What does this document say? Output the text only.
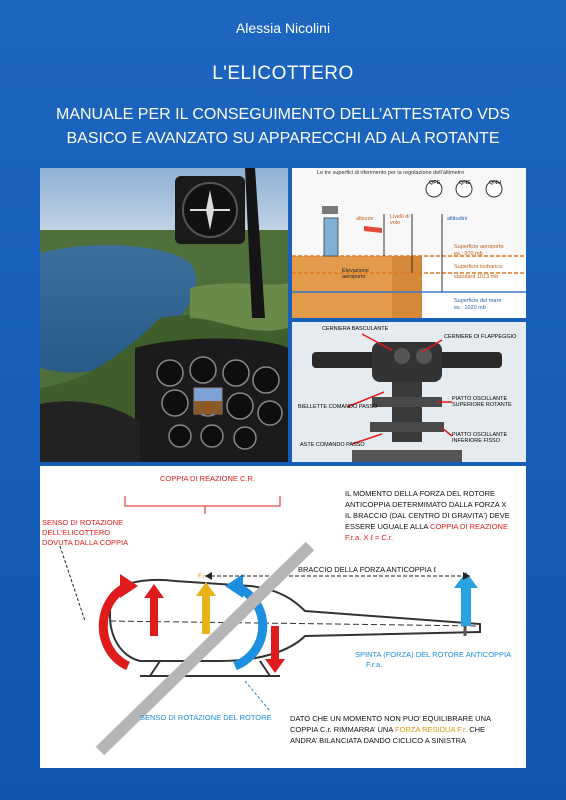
Alessia Nicolini
L'ELICOTTERO
MANUALE PER IL CONSEGUIMENTO DELL’ATTESTATO VDS
BASICO E AVANZATO SU APPARECCHI AD ALA ROTANTE
Le tre superfici di riferimento per la regolazione dell’altimetro
QFE	QNE	QNH
altezze	Livelli di volo
altitudini
Superficie aeroporto
es.: 970 mb
Superficie isobarica
standard 1013 mb
Elevazione aeroporto
Superficie del mare
es.: 1020 mb
CERNIERA BASCULANTE
CERNIERE DI FLAPPEGGIO
BIELLETTE COMANDO PASSO
PIATTO OSCILLANTE SUPERIORE ROTANTE
ASTE COMANDO PASSO
PIATTO OSCILLANTE INFERIORE FISSO
COPPIA DI REAZIONE C.R.
SENSO DI ROTAZIONE
DELL'ELICOTTERO
DOVUTA DALLA COPPIA
IL MOMENTO DELLA FORZA DEL ROTORE
ANTICOPPIA DETERMIMATO DALLA FORZA X
IL BRACCIO (DAL CENTRO DI GRAVITA') DEVE
ESSERE UGUALE ALLA COPPIA DI REAZIONE
F.r.a. X ℓ = C.r.
BRACCIO DELLA FORZA ANTICOPPIA ℓ
F.r.
SPINTA (FORZA) DEL ROTORE ANTICOPPIA
F.r.a.
SENSO DI ROTAZIONE DEL ROTORE DATO CHE UN MOMENTO NON PUO’ EQUILIBRARE UNA
COPPIA C.r. RIMMARRA’ UNA FORZA RESIDUA F.r. CHE
ANDRA’ BILANCIATA DANDO CICLICO A SINISTRA
